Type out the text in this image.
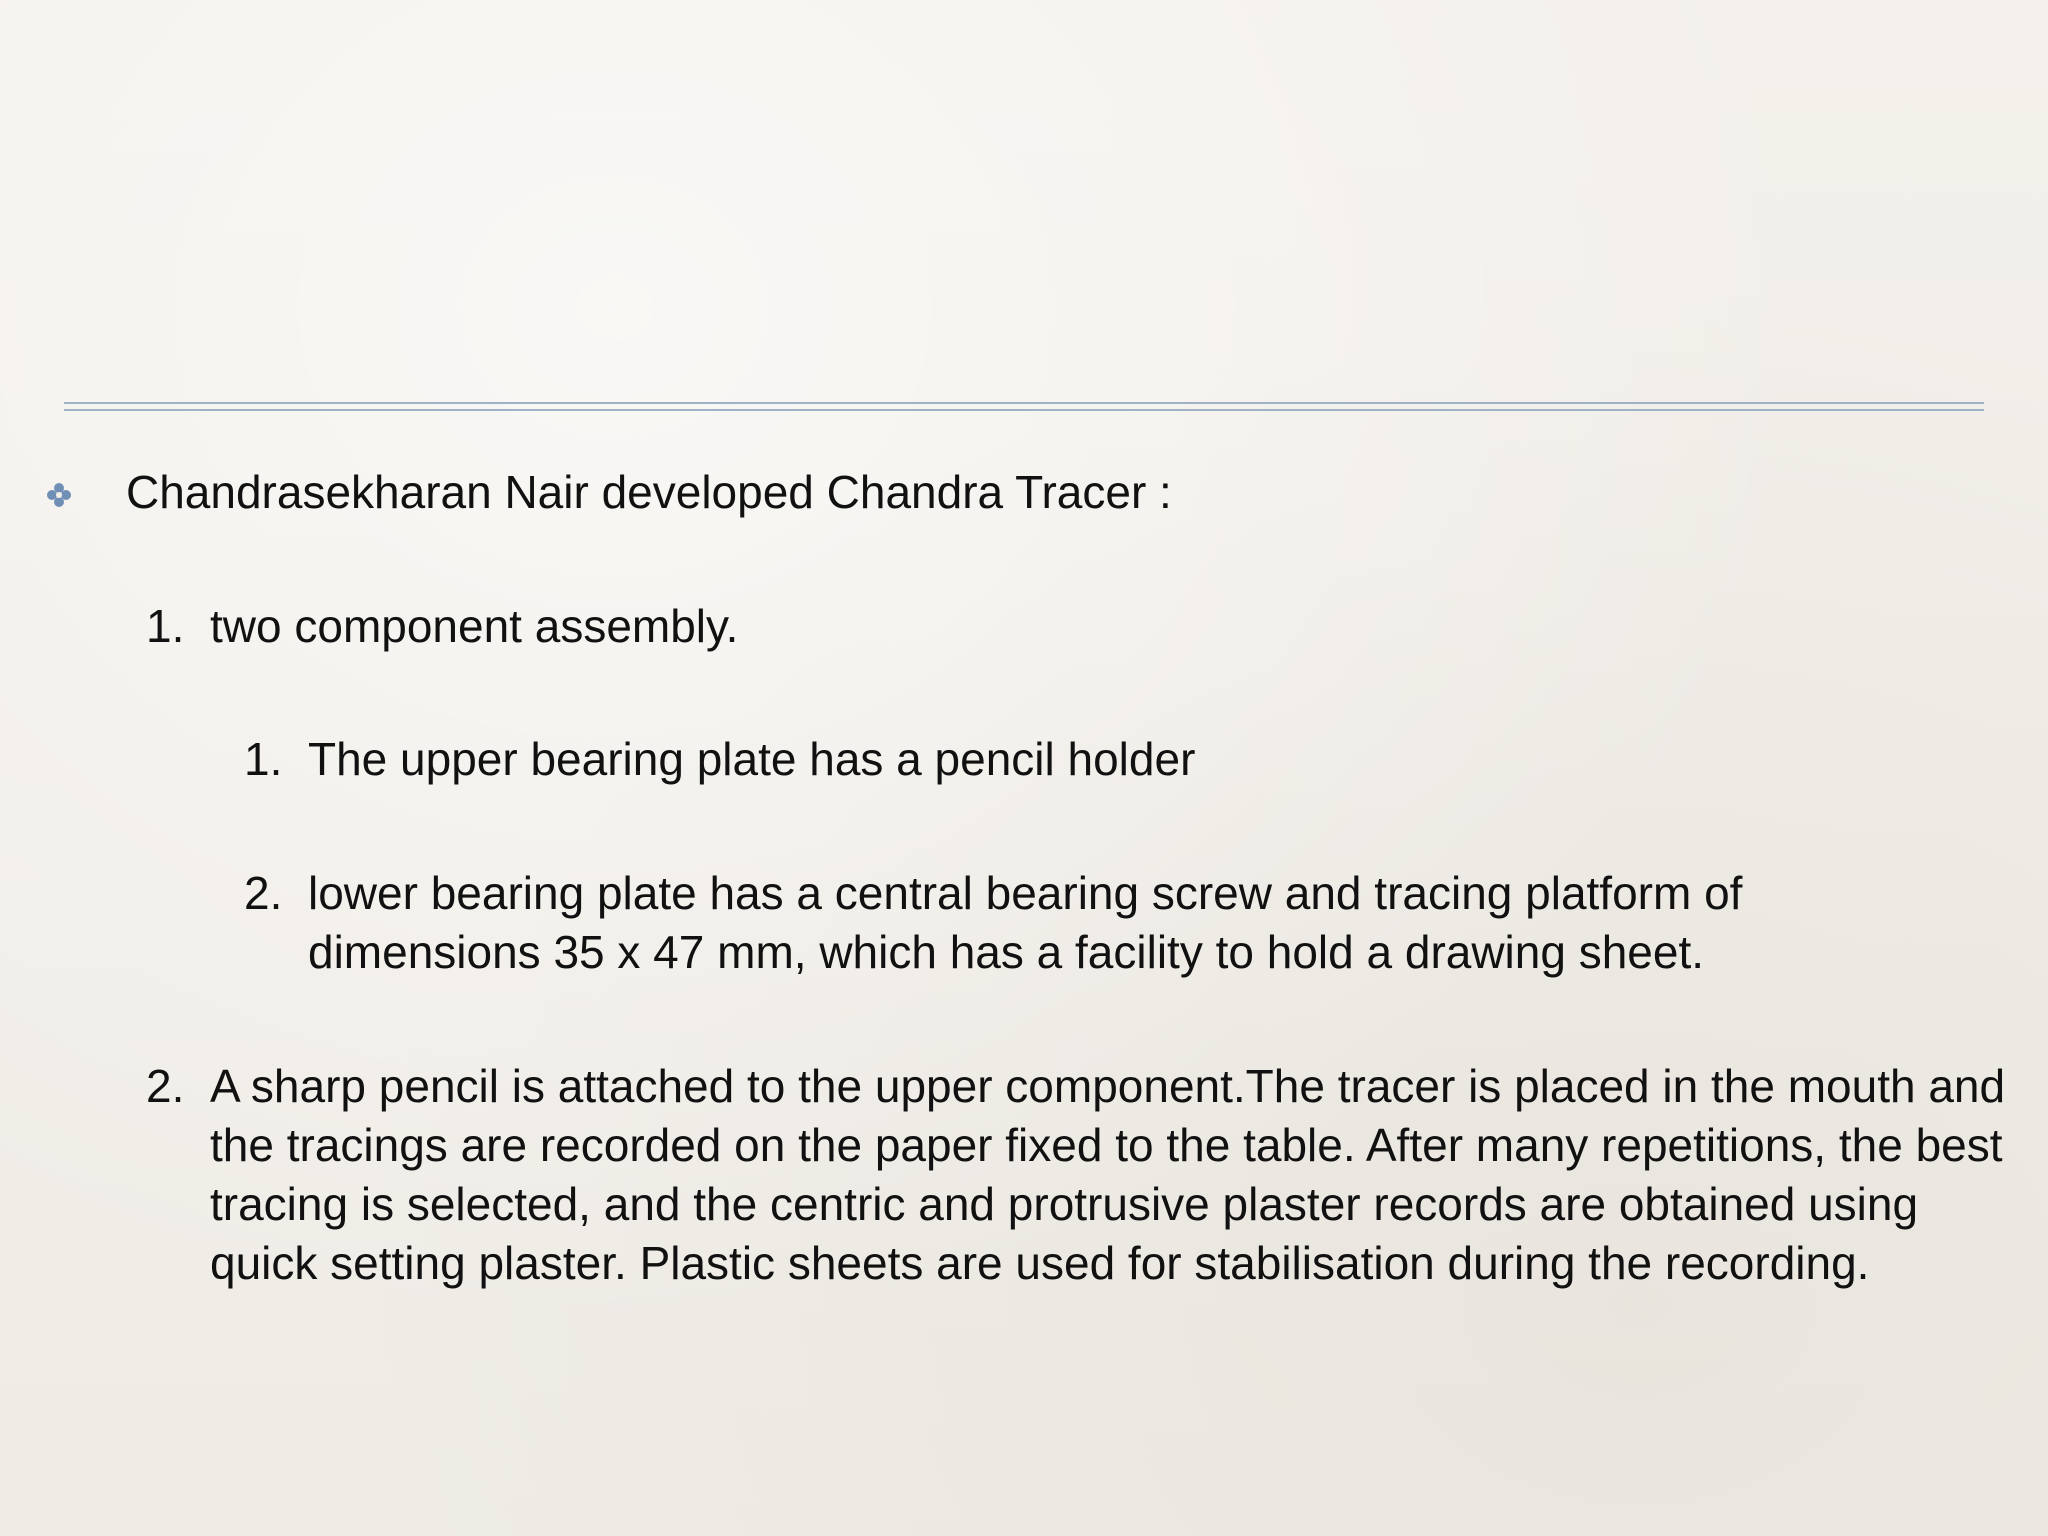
Chandrasekharan Nair developed Chandra Tracer :
1. two component assembly.
1. The upper bearing plate has a pencil holder
2. lower bearing plate has a central bearing screw and tracing platform of dimensions 35 x 47 mm, which has a facility to hold a drawing sheet.
2. A sharp pencil is attached to the upper component.The tracer is placed in the mouth and the tracings are recorded on the paper fixed to the table. After many repetitions, the best tracing is selected, and the centric and protrusive plaster records are obtained using quick setting plaster. Plastic sheets are used for stabilisation during the recording.
